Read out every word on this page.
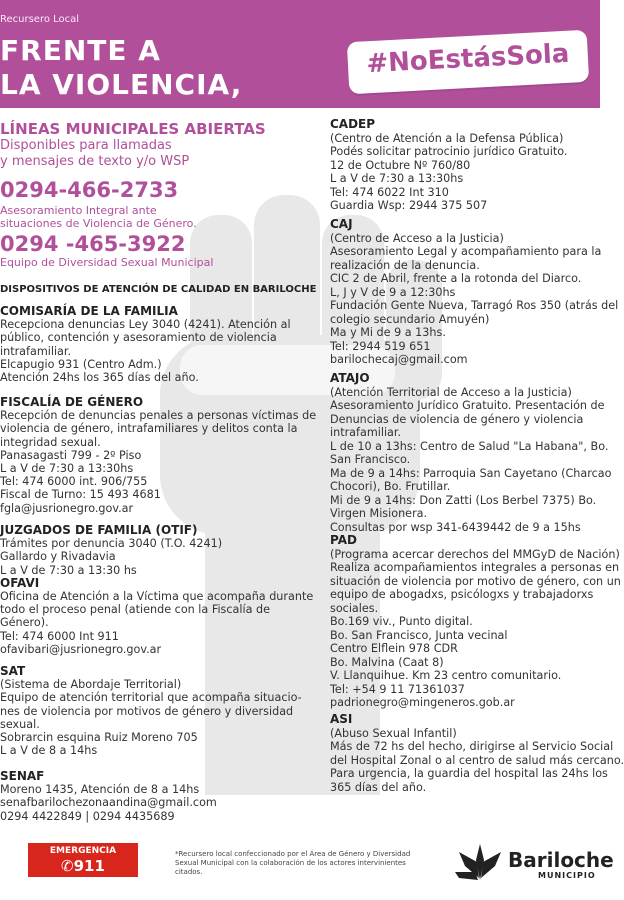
Recursero Local
FRENTE A
LA VIOLENCIA,
#NoEstásSola
LÍNEAS MUNICIPALES ABIERTAS
Disponibles para llamadas
y mensajes de texto y/o WSP
0294-466-2733
Asesoramiento Integral ante
situaciones de Violencia de Género.
0294 -465-3922
Equipo de Diversidad Sexual Municipal
DISPOSITIVOS DE ATENCIÓN DE CALIDAD EN BARILOCHE
COMISARÍA DE LA FAMILIA
Recepciona denuncias Ley 3040 (4241). Atención al
público, contención y asesoramiento de violencia
intrafamiliar.
Elcapugio 931 (Centro Adm.)
Atención 24hs los 365 días del año.
FISCALÍA DE GÉNERO
Recepción de denuncias penales a personas víctimas de
violencia de género, intrafamiliares y delitos conta la
integridad sexual.
Panasagasti 799 - 2º Piso
L a V de 7:30 a 13:30hs
Tel: 474 6000 int. 906/755
Fiscal de Turno: 15 493 4681
fgla@jusrionegro.gov.ar
JUZGADOS DE FAMILIA (OTIF)
Trámites por denuncia 3040 (T.O. 4241)
Gallardo y Rivadavia
L a V de 7:30 a 13:30 hs
OFAVI
Oficina de Atención a la Víctima que acompaña durante
todo el proceso penal (atiende con la Fiscalía de
Género).
Tel: 474 6000 Int 911
ofavibari@jusrionegro.gov.ar
SAT
(Sistema de Abordaje Territorial)
Equipo de atención territorial que acompaña situacio-
nes de violencia por motivos de género y diversidad
sexual.
Sobrarcin esquina Ruiz Moreno 705
L a V de 8 a 14hs
SENAF
Moreno 1435, Atención de 8 a 14hs
senafbarilochezonaandina@gmail.com
0294 4422849 | 0294 4435689
CADEP
(Centro de Atención a la Defensa Pública)
Podés solicitar patrocinio jurídico Gratuito.
12 de Octubre Nº 760/80
L a V de 7:30 a 13:30hs
Tel: 474 6022 Int 310
Guardia Wsp: 2944 375 507
CAJ
(Centro de Acceso a la Justicia)
Asesoramiento Legal y acompañamiento para la
realización de la denuncia.
CIC 2 de Abril, frente a la rotonda del Diarco.
L, J y V de 9 a 12:30hs
Fundación Gente Nueva, Tarragó Ros 350 (atrás del
colegio secundario Amuyén)
Ma y Mi de 9 a 13hs.
Tel: 2944 519 651
barilochecaj@gmail.com
ATAJO
(Atención Territorial de Acceso a la Justicia)
Asesoramiento Jurídico Gratuito. Presentación de
Denuncias de violencia de género y violencia
intrafamiliar.
L de 10 a 13hs: Centro de Salud "La Habana", Bo.
San Francisco.
Ma de 9 a 14hs: Parroquia San Cayetano (Charcao
Chocori), Bo. Frutillar.
Mi de 9 a 14hs: Don Zatti (Los Berbel 7375) Bo.
Virgen Misionera.
Consultas por wsp 341-6439442 de 9 a 15hs
PAD
(Programa acercar derechos del MMGyD de Nación)
Realiza acompañamientos integrales a personas en
situación de violencia por motivo de género, con un
equipo de abogadxs, psicólogxs y trabajadorxs
sociales.
Bo.169 viv., Punto digital.
Bo. San Francisco, Junta vecinal
Centro Elflein 978 CDR
Bo. Malvina (Caat 8)
V. Llanquihue. Km 23 centro comunitario.
Tel: +54 9 11 71361037
padrionegro@mingeneros.gob.ar
ASI
(Abuso Sexual Infantil)
Más de 72 hs del hecho, dirigirse al Servicio Social
del Hospital Zonal o al centro de salud más cercano.
Para urgencia, la guardia del hospital las 24hs los
365 días del año.
EMERGENCIA
✆911
*Recursero local confeccionado por el Área de Género y Diversidad Sexual Municipal con la colaboración de los actores intervinientes citados.	Bariloche
MUNICIPIO
